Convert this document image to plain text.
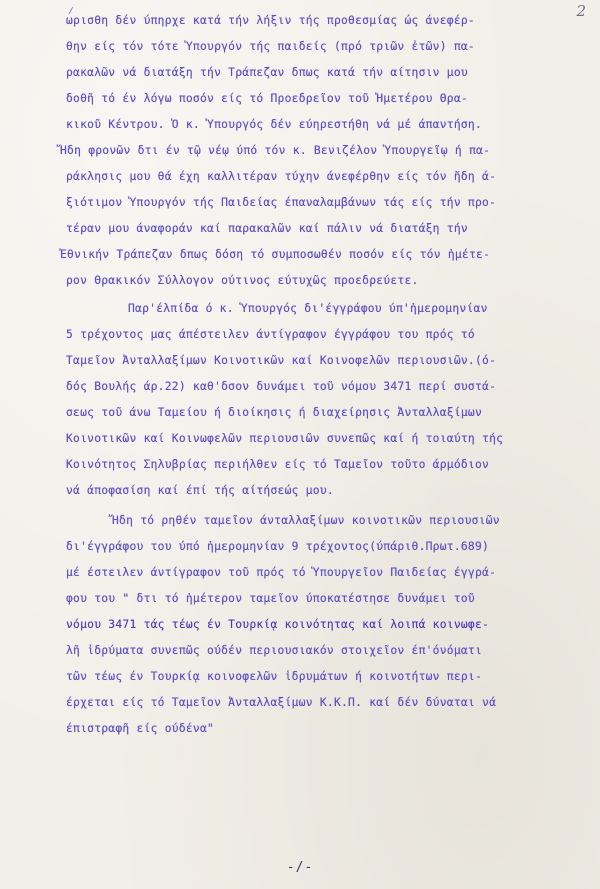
2
ωρισθη δέν ύπηρχε κατά τήν λήξιν τής προθεσμίας ώς άνεφέρ-
θην είς τόν τότε Ὑπουργόν τής παιδείς (πρό τριῶν ἐτῶν) πα-
ρακαλῶν νά διατάξη τήν Τράπεζαν δπως κατά τήν αίτησιν μου
δοθῆ τό έν λόγω ποσόν είς τό Προεδρεῖον τοῦ Ἡμετέρου Θρα-
κικοῦ Κέντρου. Ὁ κ. Ὑπουργός δέν εύηρεστήθη νά μέ άπαντήση.
Ἤδη φρονῶν δτι έν τῷ νέῳ ύπό τόν κ. Βενιζέλον Ὑπουργεῖῳ ή πα-
ράκλησις μου θά έχη καλλιτέραν τύχην άνεφέρθην είς τόν ἤδη ά-
ξιότιμον Ὑπουργόν τής Παιδείας έπαναλαμβάνων τάς είς τήν προ-
τέραν μου άναφοράν καί παρακαλῶν καί πάλιν νά διατάξη τήν
Ἐθνικήν Τράπεζαν δπως δόση τό συμποσωθέν ποσόν είς τόν ἡμέτε-
ρον Θρακικόν Σύλλογον ούτινος εύτυχῶς προεδρεύετε.
Παρ'έλπίδα ό κ. Ὑπουργός δι'έγγράφου ύπ'ἡμερομηνίαν
5 τρέχοντος μας άπέστειλεν άντίγραφον έγγράφου του πρός τό
Ταμεῖον Ἀνταλλαξίμων Κοινοτικῶν καί Κοινοφελῶν περιουσιῶν.(ό-
δός Βουλής άρ.22) καθ'δσον δυνάμει τοῦ νόμου 3471 περί συστά-
σεως τοῦ άνω Ταμείου ή διοίκησις ή διαχείρησις Ἀνταλλαξίμων
Κοινοτικῶν καί Κοινωφελῶν περιουσιῶν συνεπῶς καί ή τοιαύτη τής
Κοινότητος Σηλυβρίας περιήλθεν είς τό Ταμεῖον τοῦτο άρμόδιον
νά άποφασίση καί έπί τής αίτήσεώς μου.
Ἤδη τό ρηθέν ταμεῖον άνταλλαξίμων κοινοτικῶν περιουσιῶν
δι'έγγράφου του ύπό ἡμερομηνίαν 9 τρέχοντος(ύπάριθ.Πρωτ.689)
μέ έστειλεν άντίγραφον τοῦ πρός τό Ὑπουργεῖον Παιδείας έγγρά-
φου του " δτι τό ἡμέτερον ταμεῖον ύποκατέστησε δυνάμει τοῦ
νόμου 3471 τάς τέως έν Τουρκίᾳ κοινότητας καί λοιπά κοινωφε-
λῆ ἱδρύματα συνεπῶς ούδέν περιουσιακόν στοιχεῖον έπ'όνόματι
τῶν τέως έν Τουρκίᾳ κοινοφελῶν ἱδρυμάτων ή κοινοτήτων περι-
έρχεται είς τό Ταμεῖον Ἀνταλλαξίμων Κ.Κ.Π. καί δέν δύναται νά
έπιστραφῆ είς ούδένα"
-/-
